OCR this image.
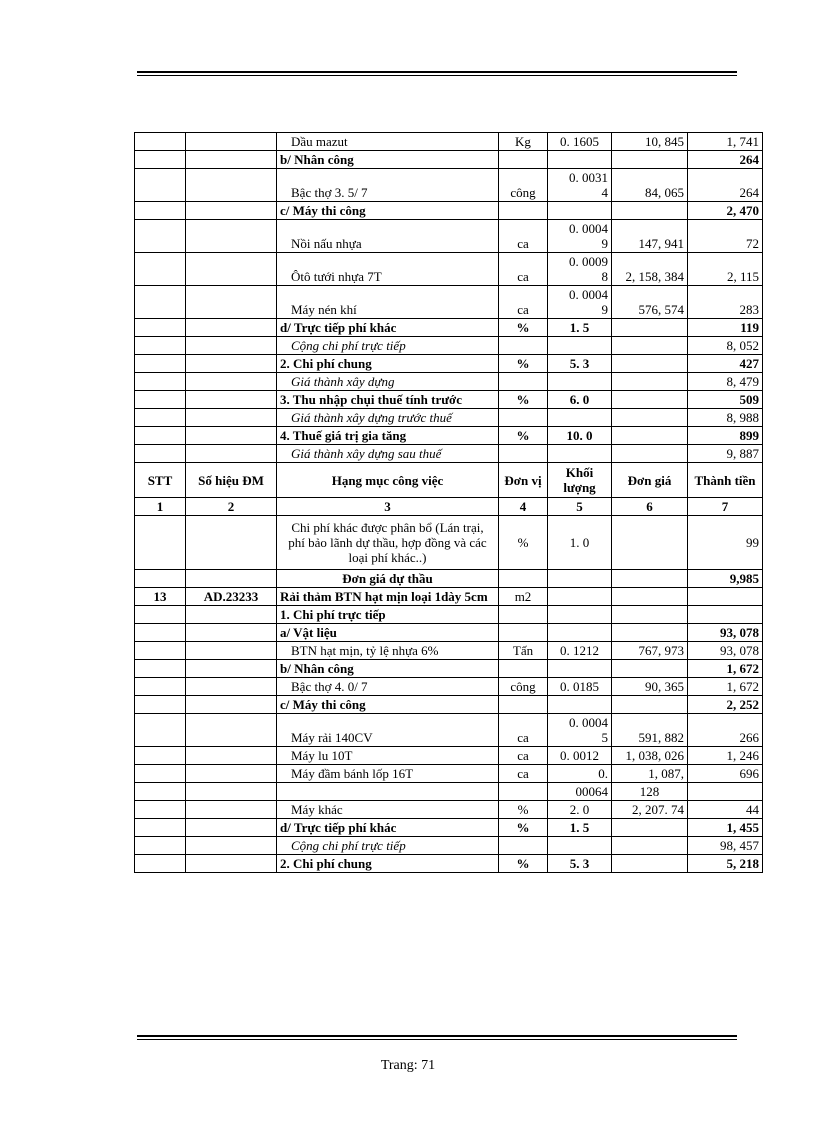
		Dầu mazut	Kg	0. 1605	10, 845	1, 741
		b/ Nhân công				264
		Bậc thợ 3. 5/ 7	công	0. 00314	84, 065	264
		c/ Máy thi công				2, 470
		Nồi nấu nhựa	ca	0. 00049	147, 941	72
		Ôtô tưới nhựa 7T	ca	0. 00098	2, 158, 384	2, 115
		Máy nén khí	ca	0. 00049	576, 574	283
		d/ Trực tiếp phí khác	%	1. 5		119
		Cộng chi phí trực tiếp				8, 052
		2. Chi phí chung	%	5. 3		427
		Giá thành xây dựng				8, 479
		3. Thu nhập chụi thuế tính trước	%	6. 0		509
		Giá thành xây dựng trước thuế				8, 988
		4. Thuế giá trị gia tăng	%	10. 0		899
		Giá thành xây dựng sau thuế				9, 887
STT	Số hiệu ĐM	Hạng mục công việc	Đơn vị	Khối lượng	Đơn giá	Thành tiền
1	2	3	4	5	6	7
		Chi phí khác được phân bổ (Lán trại, phí bảo lãnh dự thầu, hợp đồng và các loại phí khác..)	%	1. 0		99
		Đơn giá dự thầu				9,985
13	AD.23233	Rải thảm BTN hạt mịn loại 1dày 5cm	m2			
		1. Chi phí trực tiếp				
		a/ Vật liệu				93, 078
		BTN hạt mịn, tỷ lệ nhựa 6%	Tấn	0. 1212	767, 973	93, 078
		b/ Nhân công				1, 672
		Bậc thợ 4. 0/ 7	công	0. 0185	90, 365	1, 672
		c/ Máy thi công				2, 252
		Máy rải 140CV	ca	0. 00045	591, 882	266
		Máy lu 10T	ca	0. 0012	1, 038, 026	1, 246
		Máy đầm bánh lốp 16T	ca	0.	1, 087,	696
				00064	128	
		Máy khác	%	2. 0	2, 207. 74	44
		d/ Trực tiếp phí khác	%	1. 5		1, 455
		Cộng chi phí trực tiếp				98, 457
		2. Chi phí chung	%	5. 3		5, 218
Trang: 71
